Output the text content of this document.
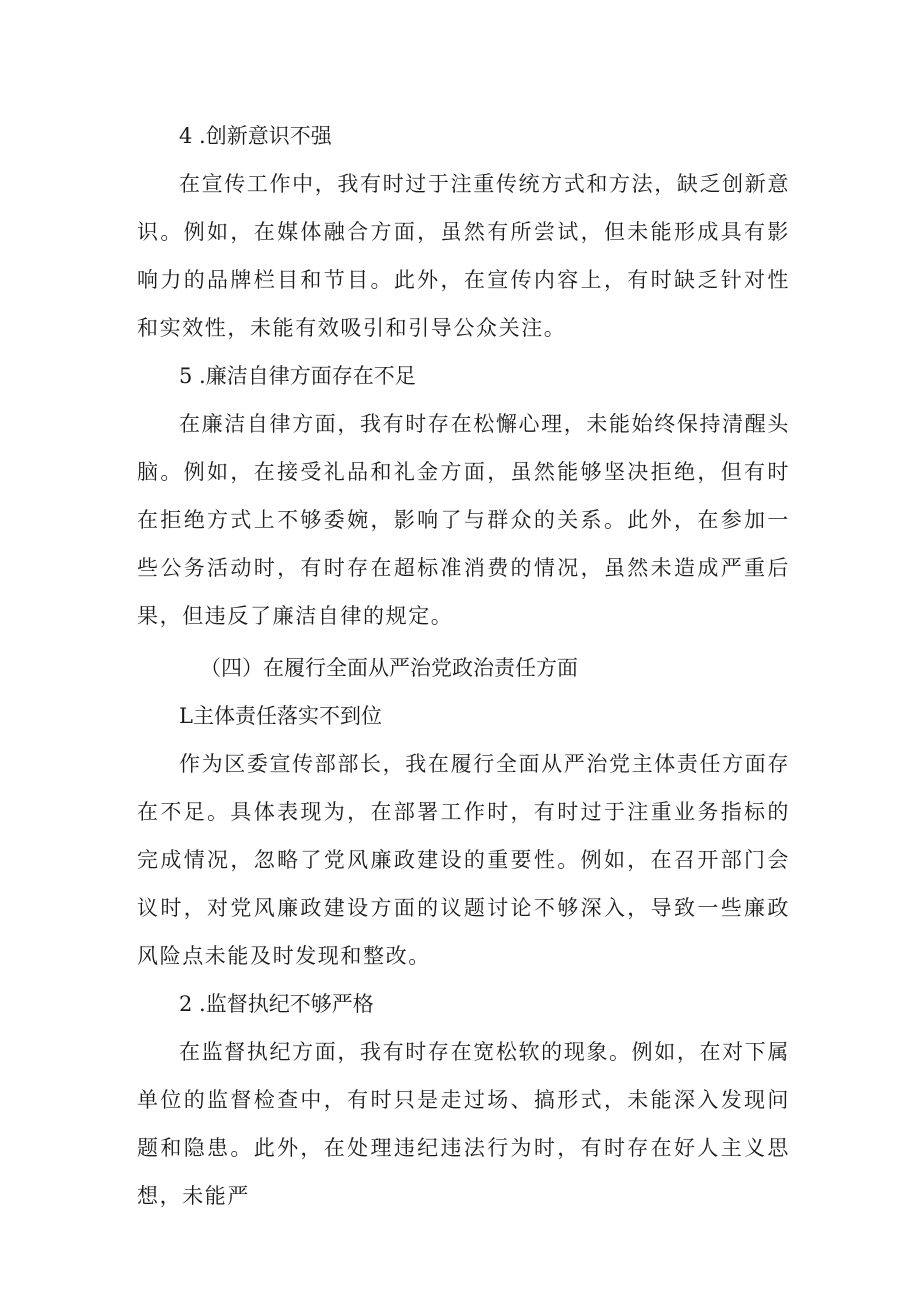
4 .创新意识不强

在宣传工作中，我有时过于注重传统方式和方法，缺乏创新意识。例如，在媒体融合方面，虽然有所尝试，但未能形成具有影响力的品牌栏目和节目。此外，在宣传内容上，有时缺乏针对性和实效性，未能有效吸引和引导公众关注。

5 .廉洁自律方面存在不足

在廉洁自律方面，我有时存在松懈心理，未能始终保持清醒头脑。例如，在接受礼品和礼金方面，虽然能够坚决拒绝，但有时在拒绝方式上不够委婉，影响了与群众的关系。此外，在参加一些公务活动时，有时存在超标准消费的情况，虽然未造成严重后果，但违反了廉洁自律的规定。

（四）在履行全面从严治党政治责任方面

L主体责任落实不到位

作为区委宣传部部长，我在履行全面从严治党主体责任方面存在不足。具体表现为，在部署工作时，有时过于注重业务指标的完成情况，忽略了党风廉政建设的重要性。例如，在召开部门会议时，对党风廉政建设方面的议题讨论不够深入，导致一些廉政风险点未能及时发现和整改。

2 .监督执纪不够严格

在监督执纪方面，我有时存在宽松软的现象。例如，在对下属单位的监督检查中，有时只是走过场、搞形式，未能深入发现问题和隐患。此外，在处理违纪违法行为时，有时存在好人主义思想，未能严
